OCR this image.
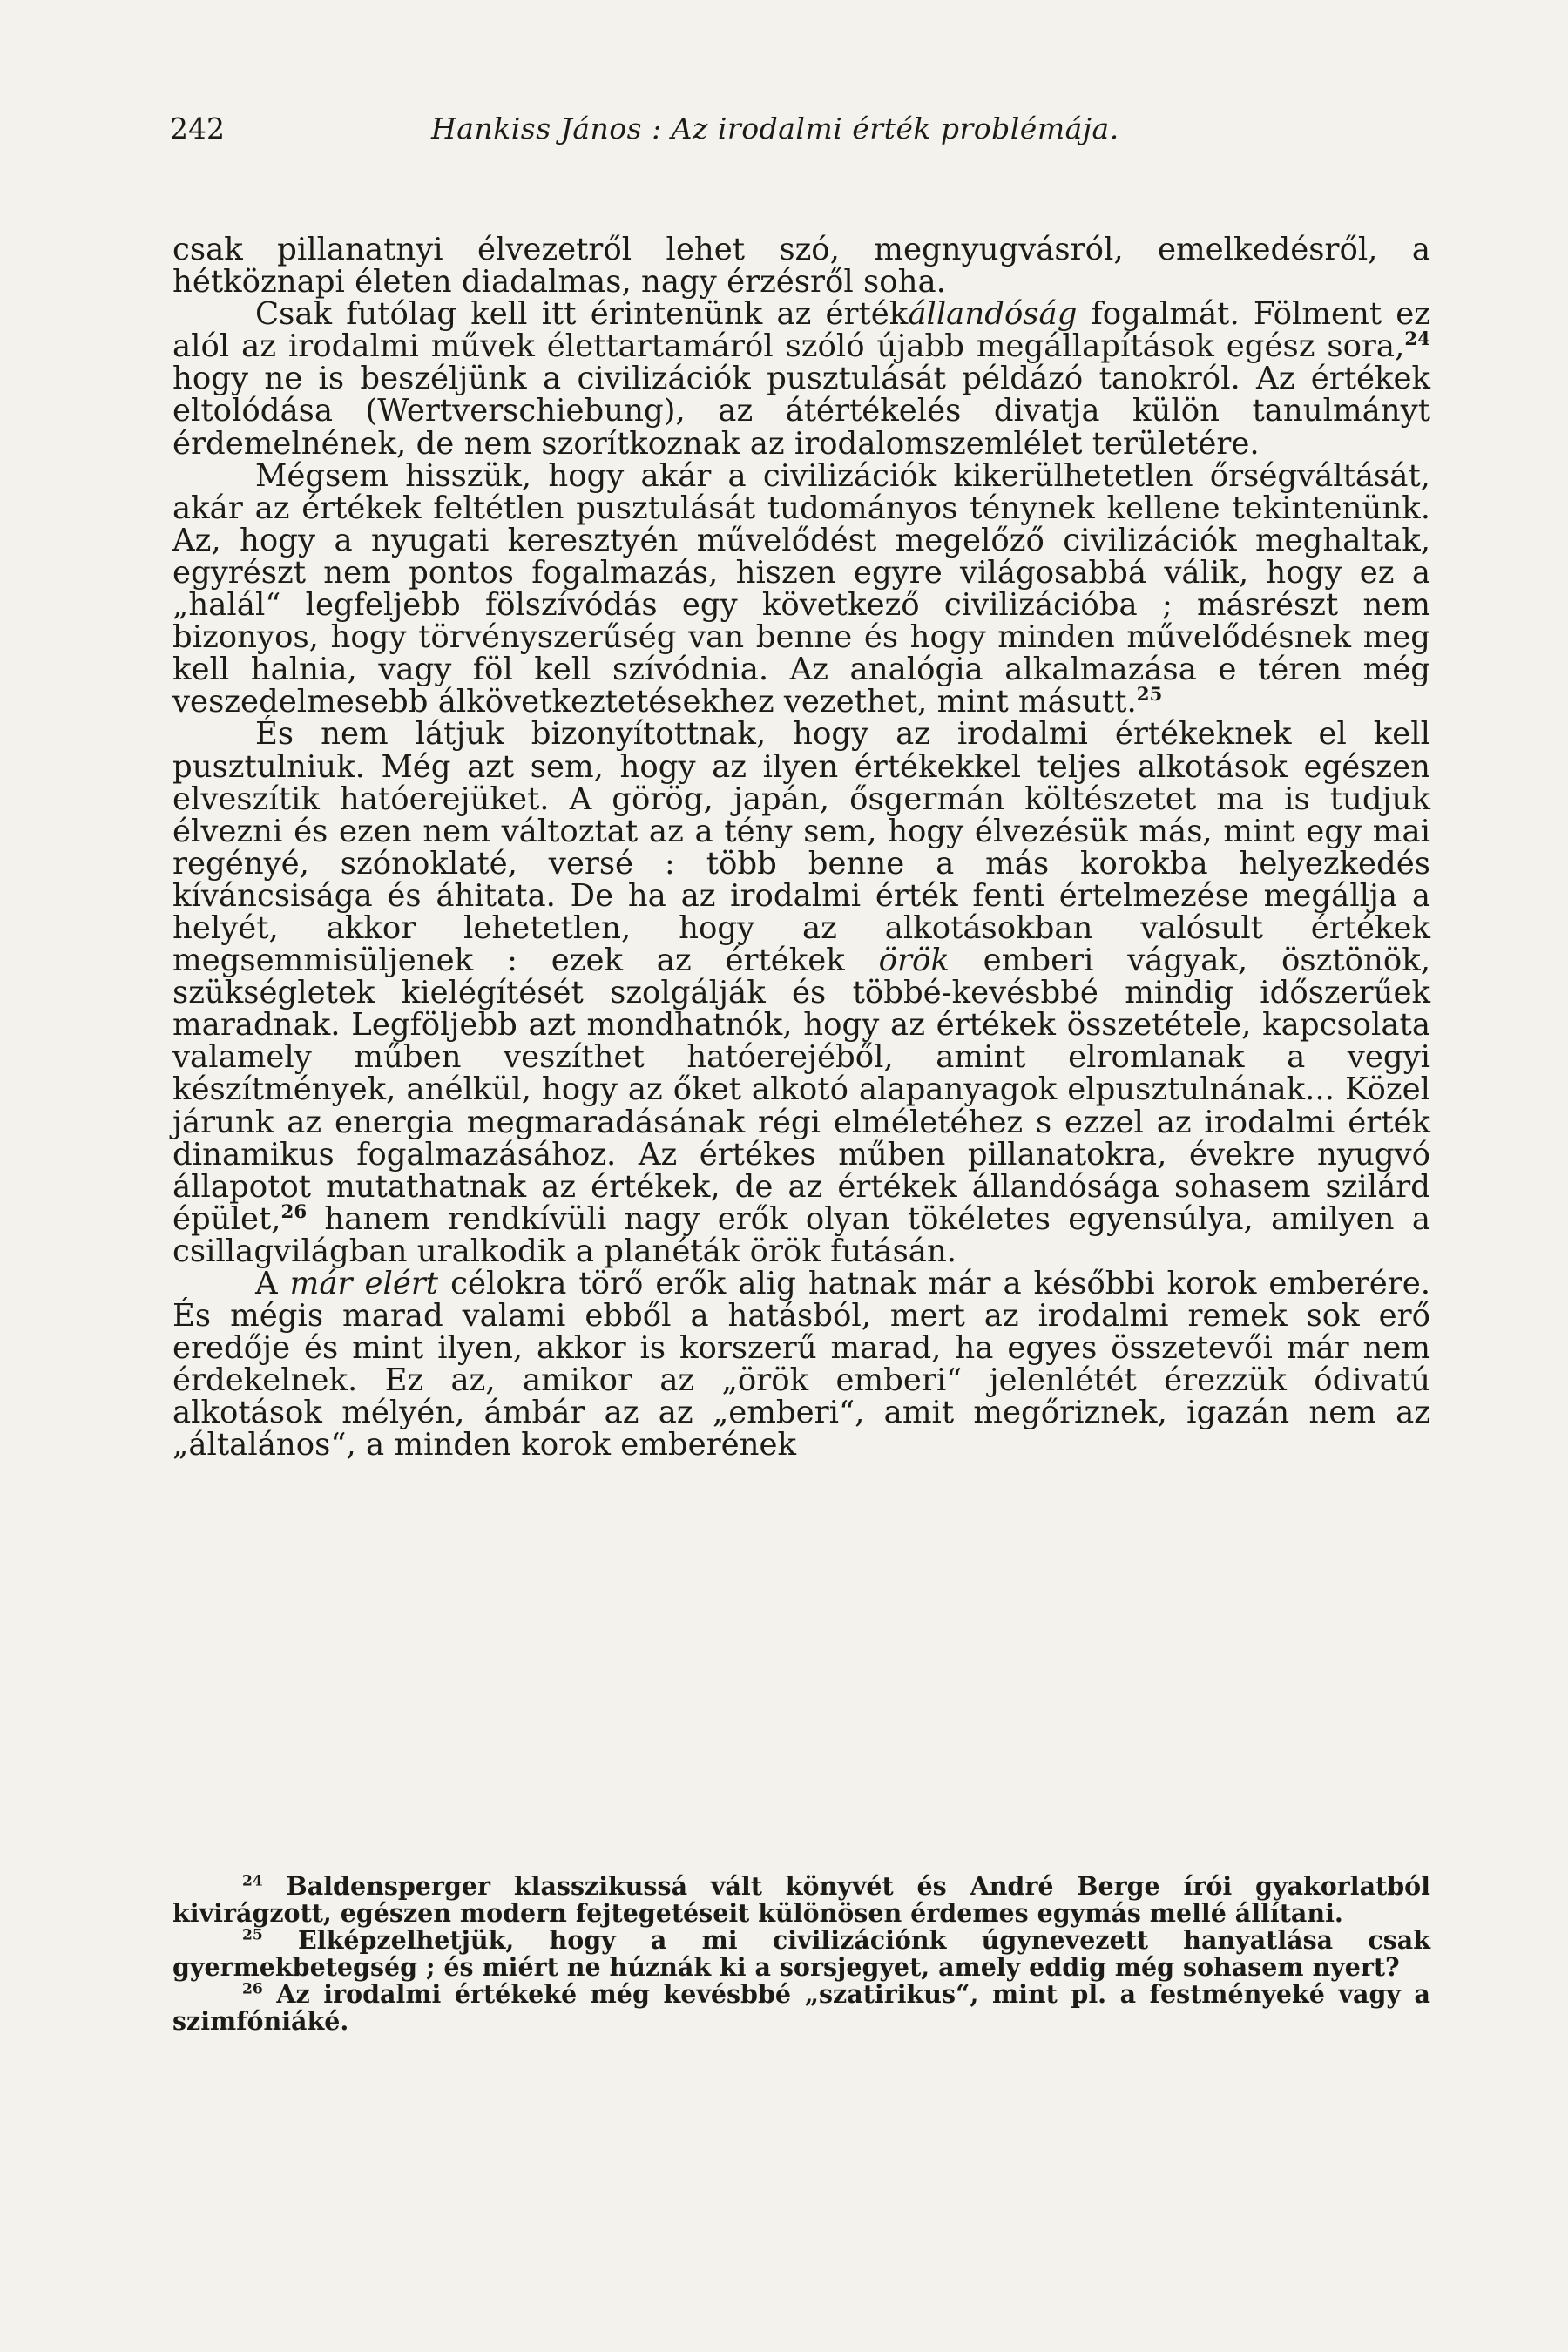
242	Hankiss János : Az irodalmi érték problémája.

csak pillanatnyi élvezetről lehet szó, megnyugvásról, emelkedésről, a hétköznapi életen diadalmas, nagy érzésről soha.

Csak futólag kell itt érintenünk az értékállandóság fogalmát. Fölment ez alól az irodalmi művek élettartamáról szóló újabb megállapítások egész sora,$^{24}$ hogy ne is beszéljünk a civilizációk pusztulását példázó tanokról. Az értékek eltolódása (Wertverschiebung), az átértékelés divatja külön tanulmányt érdemelnének, de nem szorítkoznak az irodalomszemlélet területére.

Mégsem hisszük, hogy akár a civilizációk kikerülhetetlen őrségváltását, akár az értékek feltétlen pusztulását tudományos ténynek kellene tekintenünk. Az, hogy a nyugati keresztyén művelődést megelőző civilizációk meghaltak, egyrészt nem pontos fogalmazás, hiszen egyre világosabbá válik, hogy ez a „halál“ legfeljebb fölszívódás egy következő civilizációba ; másrészt nem bizonyos, hogy törvényszerűség van benne és hogy minden művelődésnek meg kell halnia, vagy föl kell szívódnia. Az analógia alkalmazása e téren még veszedelmesebb álkövetkeztetésekhez vezethet, mint másutt.$^{25}$

És nem látjuk bizonyítottnak, hogy az irodalmi értékeknek el kell pusztulniuk. Még azt sem, hogy az ilyen értékekkel teljes alkotások egészen elveszítik hatóerejüket. A görög, japán, ősgermán költészetet ma is tudjuk élvezni és ezen nem változtat az a tény sem, hogy élvezésük más, mint egy mai regényé, szónoklaté, versé : több benne a más korokba helyezkedés kíváncsisága és áhitata. De ha az irodalmi érték fenti értelmezése megállja a helyét, akkor lehetetlen, hogy az alkotásokban valósult értékek megsemmisüljenek : ezek az értékek örök emberi vágyak, ösztönök, szükségletek kielégítését szolgálják és többé-kevésbbé mindig időszerűek maradnak. Legföljebb azt mondhatnók, hogy az értékek összetétele, kapcsolata valamely műben veszíthet hatóerejéből, amint elromlanak a vegyi készítmények, anélkül, hogy az őket alkotó alapanyagok elpusztulnának... Közel járunk az energia megmaradásának régi elméletéhez s ezzel az irodalmi érték dinamikus fogalmazásához. Az értékes műben pillanatokra, évekre nyugvó állapotot mutathatnak az értékek, de az értékek állandósága sohasem szilárd épület,$^{26}$ hanem rendkívüli nagy erők olyan tökéletes egyensúlya, amilyen a csillagvilágban uralkodik a planéták örök futásán.

A már elért célokra törő erők alig hatnak már a későbbi korok emberére. És mégis marad valami ebből a hatásból, mert az irodalmi remek sok erő eredője és mint ilyen, akkor is korszerű marad, ha egyes összetevői már nem érdekelnek. Ez az, amikor az „örök emberi“ jelenlétét érezzük ódivatú alkotások mélyén, ámbár az az „emberi“, amit megőriznek, igazán nem az „általános“, a minden korok emberének

$^{24}$ Baldensperger klasszikussá vált könyvét és André Berge írói gyakorlatból kivirágzott, egészen modern fejtegetéseit különösen érdemes egymás mellé állítani.

$^{25}$ Elképzelhetjük, hogy a mi civilizációnk úgynevezett hanyatlása csak gyermekbetegség ; és miért ne húznák ki a sorsjegyet, amely eddig még sohasem nyert?

$^{26}$ Az irodalmi értékeké még kevésbbé „szatirikus“, mint pl. a festményeké vagy a szimfóniáké.
